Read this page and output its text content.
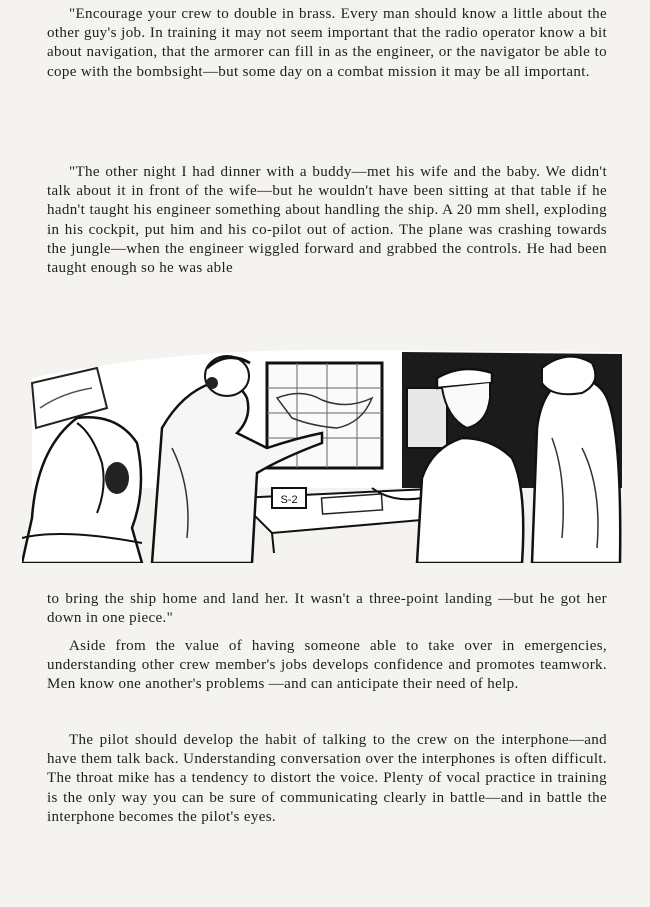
"Encourage your crew to double in brass. Every man should know a little about the other guy's job. In training it may not seem important that the radio operator know a bit about navigation, that the armorer can fill in as the engineer, or the navigator be able to cope with the bombsight—but some day on a combat mission it may be all important.

"The other night I had dinner with a buddy—met his wife and the baby. We didn't talk about it in front of the wife—but he wouldn't have been sitting at that table if he hadn't taught his engineer something about handling the ship. A 20 mm shell, exploding in his cockpit, put him and his co-pilot out of action. The plane was crashing towards the jungle—when the engineer wiggled forward and grabbed the controls. He had been taught enough so he was able

S-2

to bring the ship home and land her. It wasn't a three-point landing —but he got her down in one piece."

Aside from the value of having someone able to take over in emergencies, understanding other crew member's jobs develops confidence and promotes teamwork. Men know one another's problems —and can anticipate their need of help.

The pilot should develop the habit of talking to the crew on the interphone—and have them talk back. Understanding conversation over the interphones is often difficult. The throat mike has a tendency to distort the voice. Plenty of vocal practice in training is the only way you can be sure of communicating clearly in battle—and in battle the interphone becomes the pilot's eyes.
